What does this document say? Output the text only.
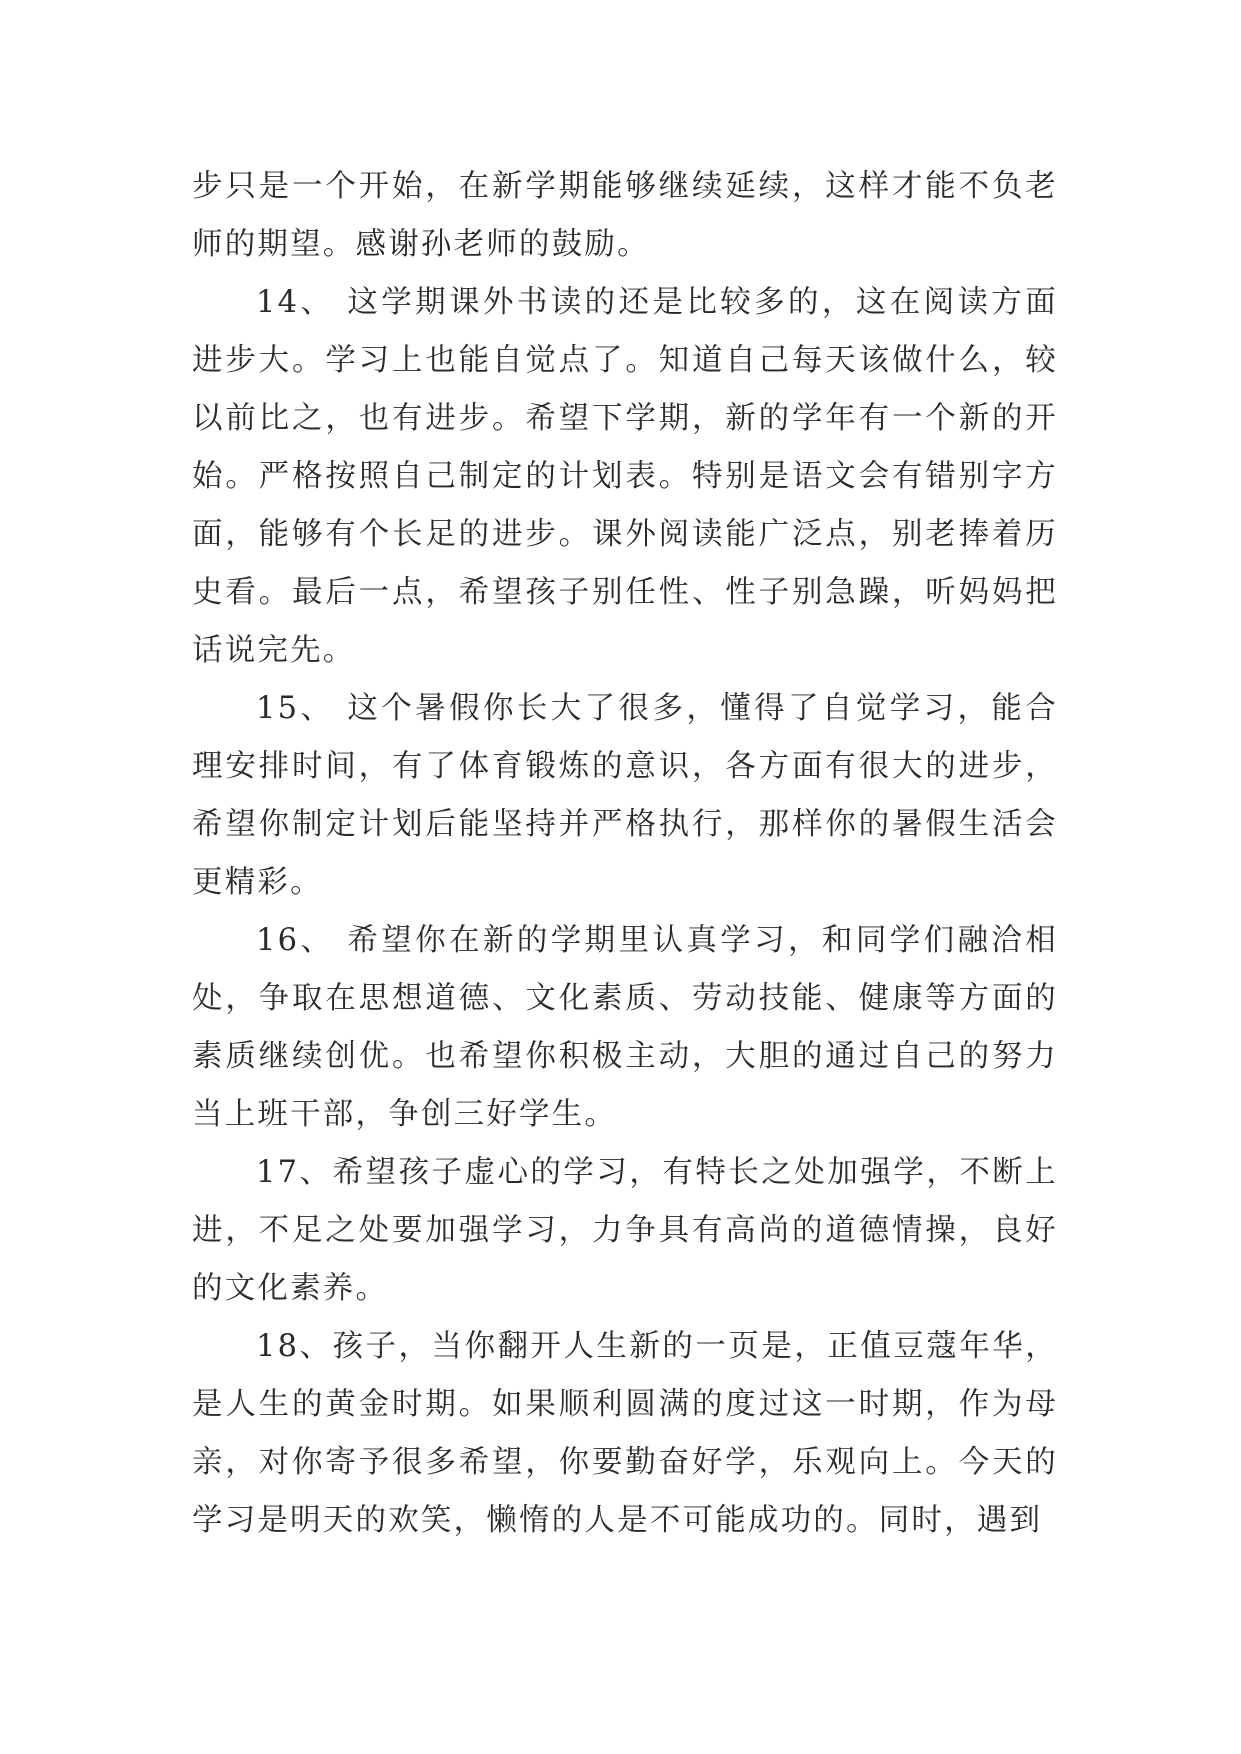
步只是一个开始，在新学期能够继续延续，这样才能不负老师的期望。感谢孙老师的鼓励。

14、 这学期课外书读的还是比较多的，这在阅读方面进步大。学习上也能自觉点了。知道自己每天该做什么，较以前比之，也有进步。希望下学期，新的学年有一个新的开始。严格按照自己制定的计划表。特别是语文会有错别字方面，能够有个长足的进步。课外阅读能广泛点，别老捧着历史看。最后一点，希望孩子别任性、性子别急躁，听妈妈把话说完先。

15、 这个暑假你长大了很多，懂得了自觉学习，能合理安排时间，有了体育锻炼的意识，各方面有很大的进步，希望你制定计划后能坚持并严格执行，那样你的暑假生活会更精彩。

16、 希望你在新的学期里认真学习，和同学们融洽相处，争取在思想道德、文化素质、劳动技能、健康等方面的素质继续创优。也希望你积极主动，大胆的通过自己的努力当上班干部，争创三好学生。

17、希望孩子虚心的学习，有特长之处加强学，不断上进，不足之处要加强学习，力争具有高尚的道德情操，良好的文化素养。

18、孩子，当你翻开人生新的一页是，正值豆蔻年华，是人生的黄金时期。如果顺利圆满的度过这一时期，作为母亲，对你寄予很多希望，你要勤奋好学，乐观向上。今天的学习是明天的欢笑，懒惰的人是不可能成功的。同时，遇到
